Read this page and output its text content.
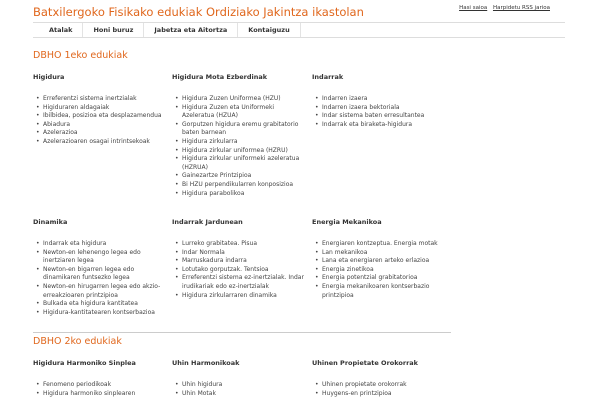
Batxilergoko Fisikako edukiak Ordiziako Jakintza ikastolan	Hasi saioa Harpidetu RSS jarioa
Atalak	Honi buruz	Jabetza eta Aitortza	Kontaiguzu
DBHO 1eko edukiak
Higidura
• Erreferentzi sistema inertzialak
• Higiduraren aldagaiak
• Ibilbidea, posizioa eta desplazamendua
• Abiadura
• Azelerazioa
• Azelerazioaren osagai intrintsekoak
Higidura Mota Ezberdinak
• Higidura Zuzen Uniformea (HZU)
• Higidura Zuzen eta Uniformeki Azeleratua (HZUA)
• Gorputzen higidura eremu grabitatorio baten barnean
• Higidura zirkularra
• Higidura zirkular uniformea (HZRU)
• Higidura zirkular uniformeki azeleratua (HZRUA)
• Gainezartze Printzipioa
• Bi HZU perpendikularren konposizioa
• Higidura parabolikoa
Indarrak
• Indarren izaera
• Indarren izaera bektoriala
• Indar sistema baten erresultantea
• Indarrak eta biraketa-higidura
Dinamika
• Indarrak eta higidura
• Newton-en lehenengo legea edo inertziaren legea
• Newton-en bigarren legea edo dinamikaren funtsezko legea
• Newton-en hirugarren legea edo akzio-erreakzioaren printzipioa
• Bulkada eta higidura kantitatea
• Higidura-kantitatearen kontserbazioa
Indarrak Jardunean
• Lurreko grabitatea. Pisua
• Indar Normala
• Marruskadura indarra
• Lotutako gorputzak. Tentsioa
• Erreferentzi sistema ez-inertzialak. Indar irudikariak edo ez-inertzialak
• Higidura zirkularraren dinamika
Energia Mekanikoa
• Energiaren kontzeptua. Energia motak
• Lan mekanikoa
• Lana eta energiaren arteko erlazioa
• Energia zinetikoa
• Energia potentzial grabitatorioa
• Energia mekanikoaren kontserbazio printzipioa
DBHO 2ko edukiak
Higidura Harmoniko Sinplea
• Fenomeno periodikoak
• Higidura harmoniko sinplearen
Uhin Harmonikoak
• Uhin higidura
• Uhin Motak
Uhinen Propietate Orokorrak
• Uhinen propietate orokorrak
• Huygens-en printzipioa
